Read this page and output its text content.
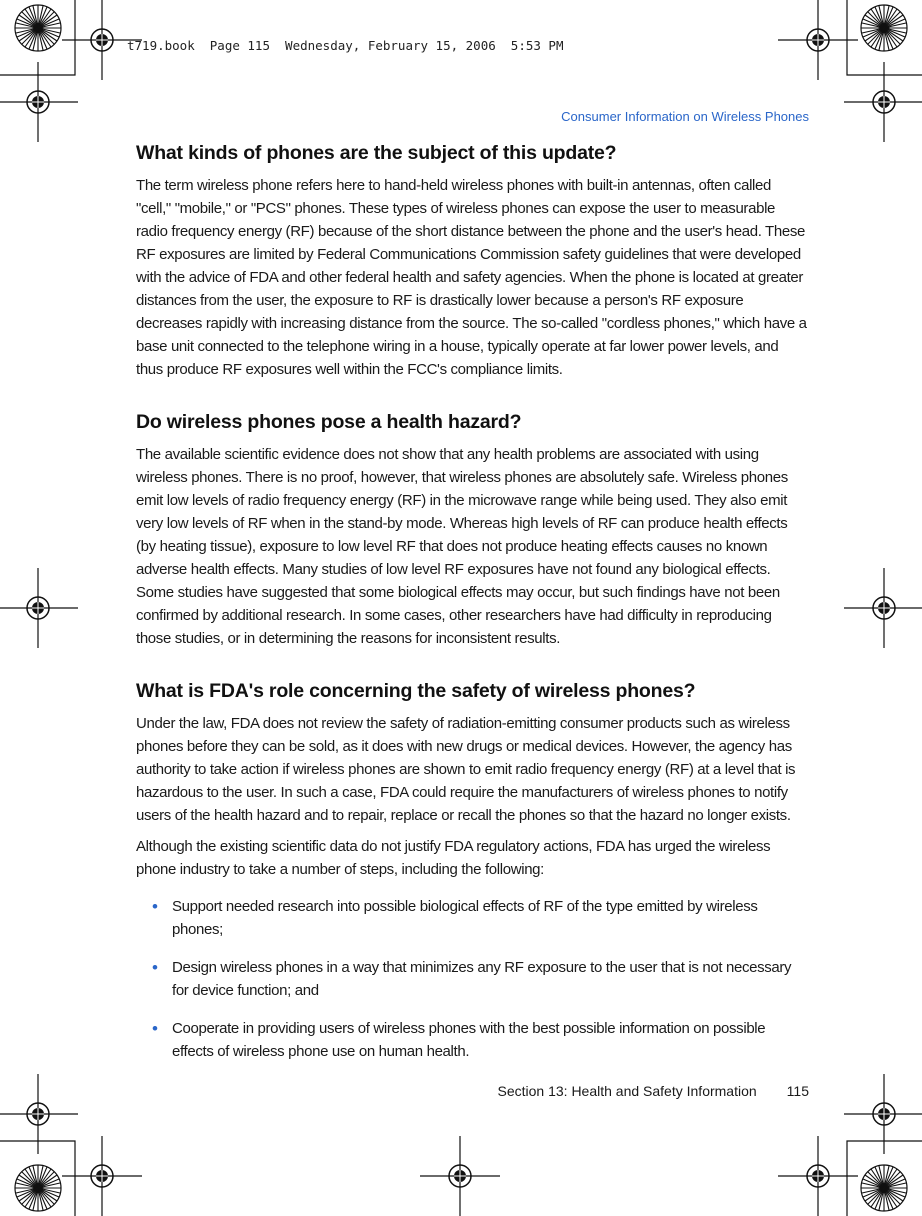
t719.book  Page 115  Wednesday, February 15, 2006  5:53 PM
Consumer Information on Wireless Phones
What kinds of phones are the subject of this update?

The term wireless phone refers here to hand-held wireless phones with built-in antennas, often called "cell," "mobile," or "PCS" phones. These types of wireless phones can expose the user to measurable radio frequency energy (RF) because of the short distance between the phone and the user's head. These RF exposures are limited by Federal Communications Commission safety guidelines that were developed with the advice of FDA and other federal health and safety agencies. When the phone is located at greater distances from the user, the exposure to RF is drastically lower because a person's RF exposure decreases rapidly with increasing distance from the source. The so-called "cordless phones," which have a base unit connected to the telephone wiring in a house, typically operate at far lower power levels, and thus produce RF exposures well within the FCC's compliance limits.

Do wireless phones pose a health hazard?

The available scientific evidence does not show that any health problems are associated with using wireless phones. There is no proof, however, that wireless phones are absolutely safe. Wireless phones emit low levels of radio frequency energy (RF) in the microwave range while being used. They also emit very low levels of RF when in the stand-by mode. Whereas high levels of RF can produce health effects (by heating tissue), exposure to low level RF that does not produce heating effects causes no known adverse health effects. Many studies of low level RF exposures have not found any biological effects. Some studies have suggested that some biological effects may occur, but such findings have not been confirmed by additional research. In some cases, other researchers have had difficulty in reproducing those studies, or in determining the reasons for inconsistent results.

What is FDA's role concerning the safety of wireless phones?

Under the law, FDA does not review the safety of radiation-emitting consumer products such as wireless phones before they can be sold, as it does with new drugs or medical devices. However, the agency has authority to take action if wireless phones are shown to emit radio frequency energy (RF) at a level that is hazardous to the user. In such a case, FDA could require the manufacturers of wireless phones to notify users of the health hazard and to repair, replace or recall the phones so that the hazard no longer exists.

Although the existing scientific data do not justify FDA regulatory actions, FDA has urged the wireless phone industry to take a number of steps, including the following:

• Support needed research into possible biological effects of RF of the type emitted by wireless phones;
• Design wireless phones in a way that minimizes any RF exposure to the user that is not necessary for device function; and
• Cooperate in providing users of wireless phones with the best possible information on possible effects of wireless phone use on human health.
Section 13: Health and Safety Information 115
